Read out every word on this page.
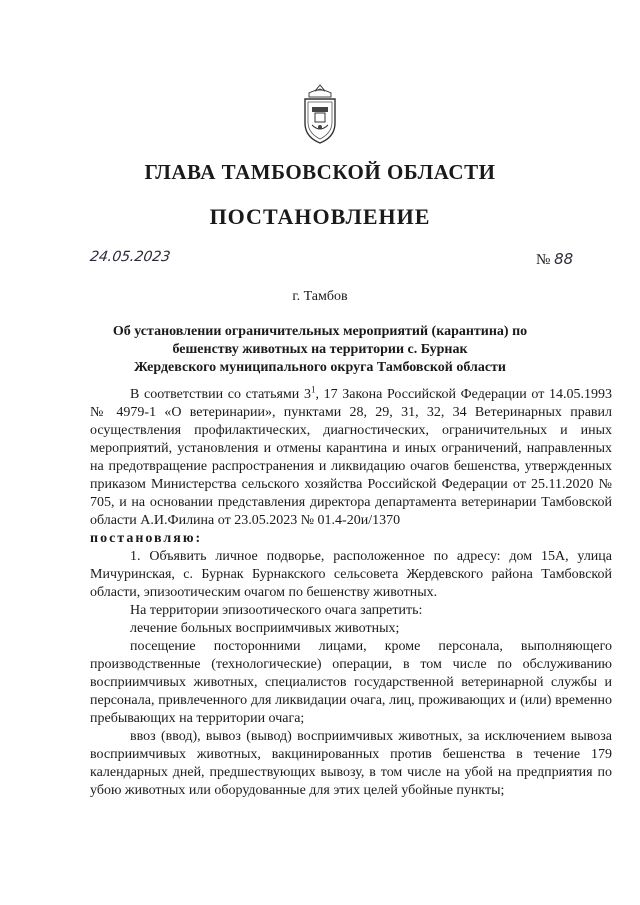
ГЛАВА ТАМБОВСКОЙ ОБЛАСТИ
ПОСТАНОВЛЕНИЕ
24.05.2023	№ 88
г. Тамбов
Об установлении ограничительных мероприятий (карантина) по
бешенству животных на территории с. Бурнак
Жердевского муниципального округа Тамбовской области

В соответствии со статьями $3^1$, 17 Закона Российской Федерации от 14.05.1993 № 4979-1 «О ветеринарии», пунктами 28, 29, 31, 32, 34 Ветеринарных правил осуществления профилактических, диагностических, ограничительных и иных мероприятий, установления и отмены карантина и иных ограничений, направленных на предотвращение распространения и ликвидацию очагов бешенства, утвержденных приказом Министерства сельского хозяйства Российской Федерации от 25.11.2020 № 705, и на основании представления директора департамента ветеринарии Тамбовской области А.И.Филина от 23.05.2023 № 01.4-20и/1370

постановляю:

1. Объявить личное подворье, расположенное по адресу: дом 15А, улица Мичуринская, с. Бурнак Бурнакского сельсовета Жердевского района Тамбовской области, эпизоотическим очагом по бешенству животных.

На территории эпизоотического очага запретить:

лечение больных восприимчивых животных;

посещение посторонними лицами, кроме персонала, выполняющего производственные (технологические) операции, в том числе по обслуживанию восприимчивых животных, специалистов государственной ветеринарной службы и персонала, привлеченного для ликвидации очага, лиц, проживающих и (или) временно пребывающих на территории очага;

ввоз (ввод), вывоз (вывод) восприимчивых животных, за исключением вывоза восприимчивых животных, вакцинированных против бешенства в течение 179 календарных дней, предшествующих вывозу, в том числе на убой на предприятия по убою животных или оборудованные для этих целей убойные пункты;
